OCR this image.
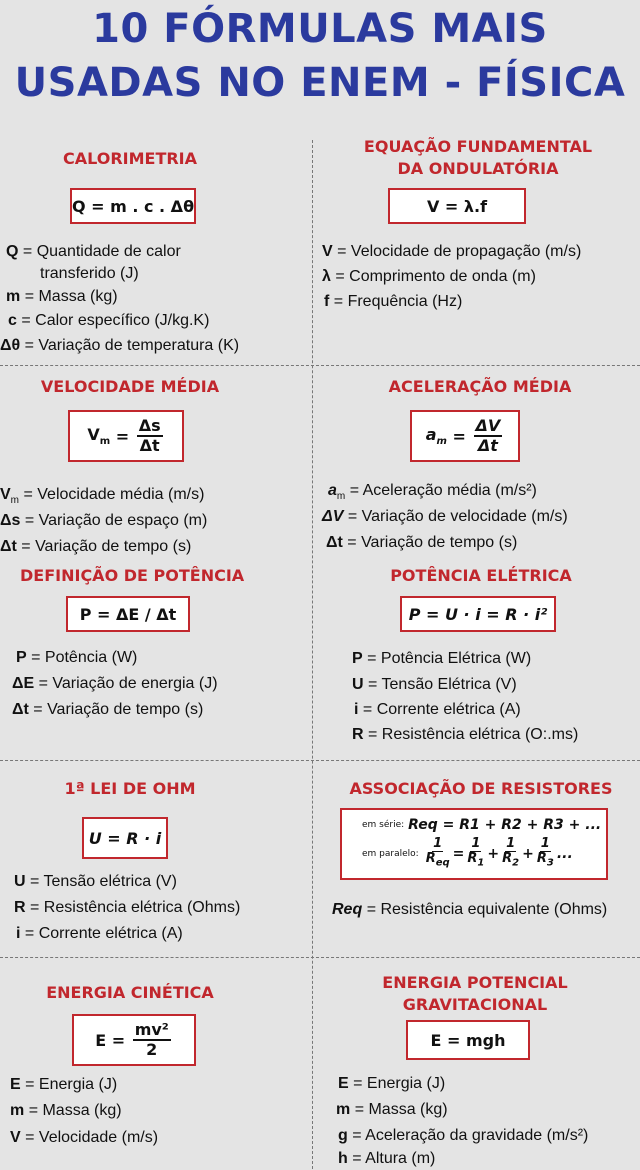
10 FÓRMULAS MAIS
USADAS NO ENEM - FÍSICA
CALORIMETRIA
Q = m . c . Δθ
Q = Quantidade de calor
transferido (J)
m = Massa (kg)
c = Calor específico (J/kg.K)
Δθ = Variação de temperatura (K)
EQUAÇÃO FUNDAMENTAL
DA ONDULATÓRIA
V = λ.f
V = Velocidade de propagação (m/s)
λ = Comprimento de onda (m)
f = Frequência (Hz)
VELOCIDADE MÉDIA
$V_m = \frac{\Delta s}{\Delta t}$
$V_m$ = Velocidade média (m/s)
Δs = Variação de espaço (m)
Δt = Variação de tempo (s)
ACELERAÇÃO MÉDIA
$a_m = \frac{\Delta V}{\Delta t}$
$a_m$ = Aceleração média (m/s²)
ΔV = Variação de velocidade (m/s)
Δt = Variação de tempo (s)
DEFINIÇÃO DE POTÊNCIA
P = ΔE / Δt
P = Potência (W)
ΔE = Variação de energia (J)
Δt = Variação de tempo (s)
POTÊNCIA ELÉTRICA
P = U · i = R · i²
P = Potência Elétrica (W)
U = Tensão Elétrica (V)
i = Corrente elétrica (A)
R = Resistência elétrica (O:.ms)
1ª LEI DE OHM
U = R · i
U = Tensão elétrica (V)
R = Resistência elétrica (Ohms)
i = Corrente elétrica (A)
ASSOCIAÇÃO DE RESISTORES
em série: Req = R1 + R2 + R3 + ...
em paralelo: $\frac{1}{R_{eq}} = \frac{1}{R_1} + \frac{1}{R_2} + \frac{1}{R_3}$ ...
Req = Resistência equivalente (Ohms)
ENERGIA CINÉTICA
E =
$\frac{\text{mv²}}{2}$
E = Energia (J)
m = Massa (kg)
V = Velocidade (m/s)
ENERGIA POTENCIAL
GRAVITACIONAL
E = mgh
E = Energia (J)
m = Massa (kg)
g = Aceleração da gravidade (m/s²)
h = Altura (m)
